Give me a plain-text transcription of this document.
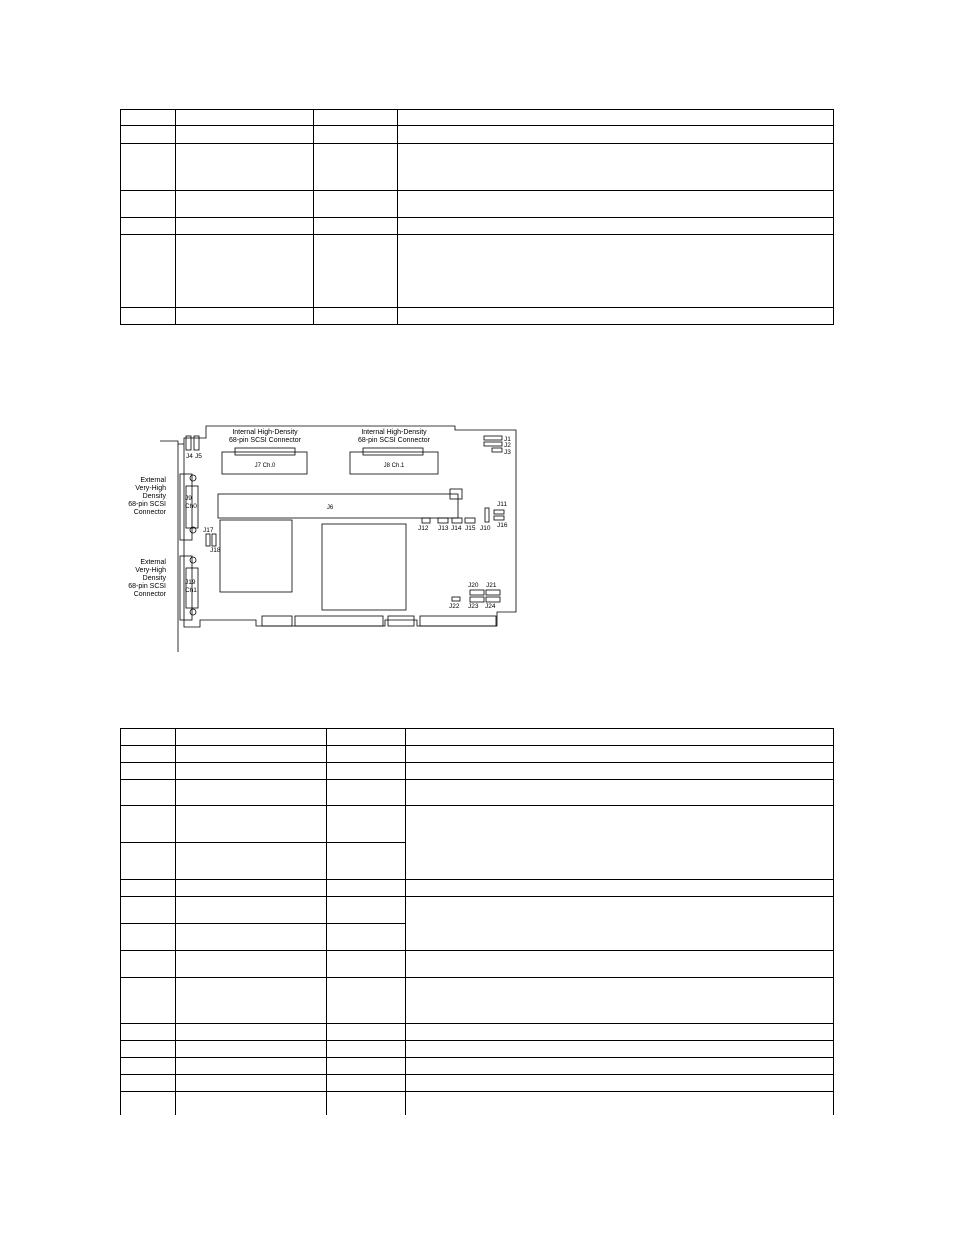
Internal High-Density
68-pin SCSI Connector
Internal High-Density
68-pin SCSI Connector
J7 Ch.0	J8 Ch.1
J6
External
Very-High
Density
68-pin SCSI
Connector
External
Very-High
Density
68-pin SCSI
Connector
J9
Ch0
J19
Ch1
J1
J2
J3
J4 J5
J12 J13 J14 J15 J10
J11
J16
J17
J18
J20 J21
J22 J23 J24
